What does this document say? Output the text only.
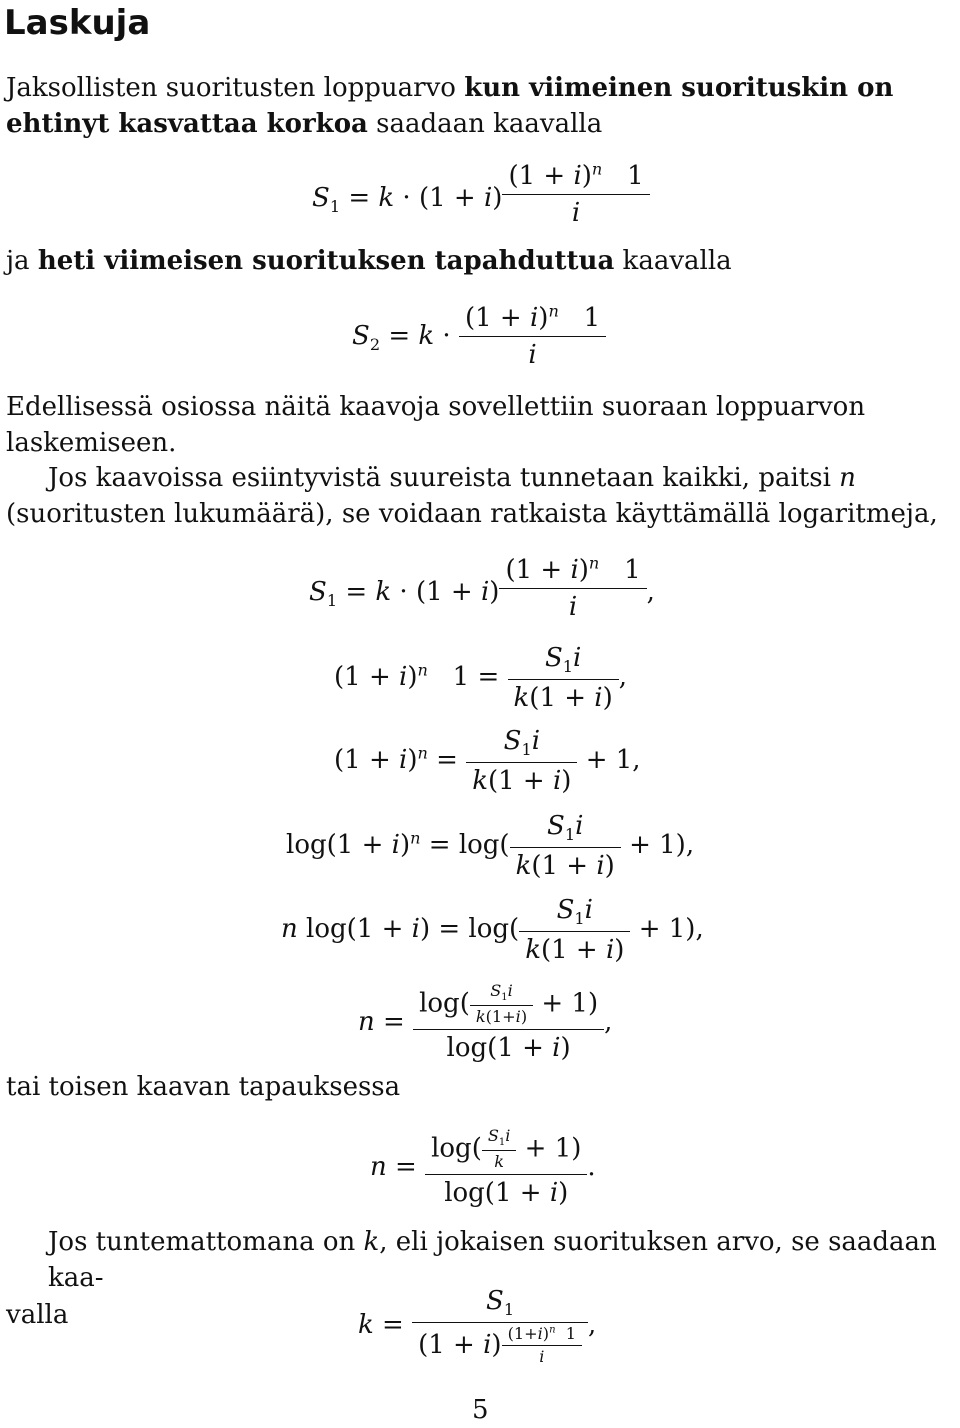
Laskuja
Jaksollisten suoritusten loppuarvo kun viimeinen suorituskin on ehtinyt kasvattaa korkoa saadaan kaavalla
$S_1 = k \cdot (1 + i) \frac{(1 + i)^n 1}{i}$
ja heti viimeisen suorituksen tapahduttua kaavalla
$S_2 = k \cdot \frac{(1 + i)^n 1}{i}$
Edellisessä osiossa näitä kaavoja sovellettiin suoraan loppuarvon laskemiseen.
Jos kaavoissa esiintyvistä suureista tunnetaan kaikki, paitsi n (suoritusten lukumäärä), se voidaan ratkaista käyttämällä logaritmeja,
$S_1 = k \cdot (1 + i) \frac{(1 + i)^n 1}{i}$ ,
$(1 + i)^n$   $1 = \frac{S_1i}{k(1 + i)}$ ,
$(1 + i)^n = \frac{S_1i}{k(1 + i)} + 1$,
$\log(1 + i)^n = \log( \frac{S_1i}{k(1 + i)} + 1)$,
n $\log(1 + i) = \log( \frac{S_1i}{k(1 + i)} + 1)$,
$n = \frac{\log( \frac{S_1i}{k(1+i)} + 1)}{\log(1 + i)}$ ,
tai toisen kaavan tapauksessa
$n = \frac{\log( \frac{S_1i}{k} + 1)}{\log(1 + i)}$ .
Jos tuntemattomana on k, eli jokaisen suorituksen arvo, se saadaan kaa-
valla	$k = \frac{S_1}{(1 + i) \frac{(1+i)^n 1}{i}}$ ,
5
